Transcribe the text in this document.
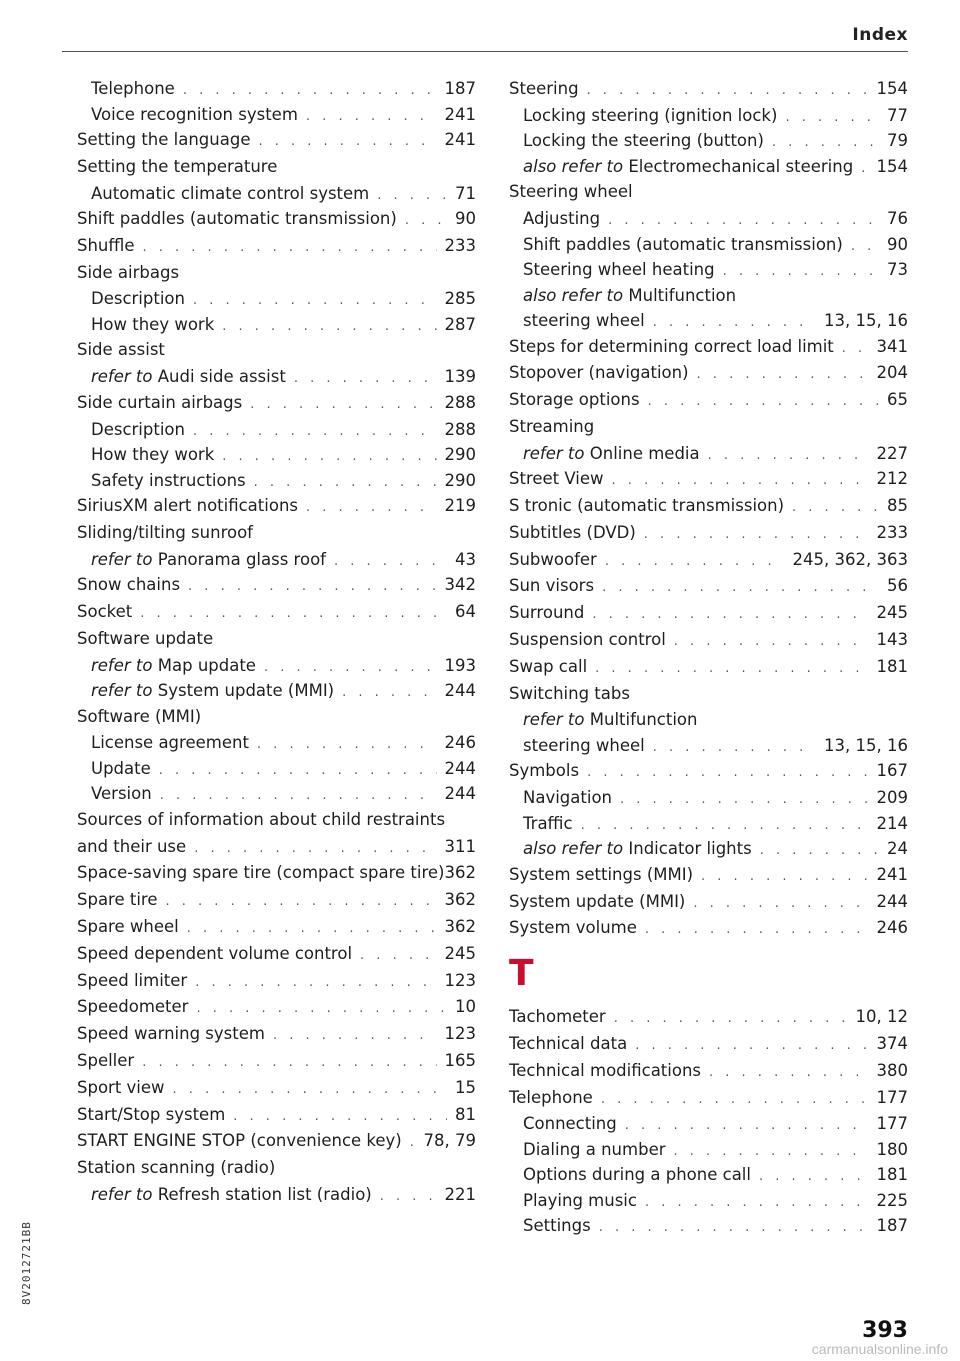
Index
Telephone . . .	187
Voice recognition system . . .	241
Setting the language . . .	241
Setting the temperature
Automatic climate control system . . .	71
Shift paddles (automatic transmission) . . .	90
Shuffle . . .	233
Side airbags
Description . . .	285
How they work . . .	287
Side assist
refer to Audi side assist . . .	139
Side curtain airbags . . .	288
Description . . .	288
How they work . . .	290
Safety instructions . . .	290
SiriusXM alert notifications . . .	219
Sliding/tilting sunroof
refer to Panorama glass roof . . .	43
Snow chains . . .	342
Socket . . .	64
Software update
refer to Map update . . .	193
refer to System update (MMI) . . .	244
Software (MMI)
License agreement . . .	246
Update . . .	244
Version . . .	244
Sources of information about child restraints
and their use . . .	311
Space-saving spare tire (compact spare tire) 362
Spare tire . . .	362
Spare wheel . . .	362
Speed dependent volume control . . .	245
Speed limiter . . .	123
Speedometer . . .	10
Speed warning system . . .	123
Speller . . .	165
Sport view . . .	15
Start/Stop system . . .	81
START ENGINE STOP (convenience key) . . . 78, 79
Station scanning (radio)
refer to Refresh station list (radio) . . .	221
Steering . . .	154
Locking steering (ignition lock) . . .	77
Locking the steering (button) . . .	79
also refer to Electromechanical steering . . . 154
Steering wheel
Adjusting . . .	76
Shift paddles (automatic transmission) . . .	90
Steering wheel heating . . .	73
also refer to Multifunction
steering wheel . . .	13, 15, 16
Steps for determining correct load limit . . .	341
Stopover (navigation) . . .	204
Storage options . . .	65
Streaming
refer to Online media . . .	227
Street View . . .	212
S tronic (automatic transmission) . . .	85
Subtitles (DVD) . . .	233
Subwoofer . . .	245, 362, 363
Sun visors . . .	56
Surround . . .	245
Suspension control . . .	143
Swap call . . .	181
Switching tabs
refer to Multifunction
steering wheel . . .	13, 15, 16
Symbols . . .	167
Navigation . . .	209
Traffic . . .	214
also refer to Indicator lights . . .	24
System settings (MMI) . . .	241
System update (MMI) . . .	244
System volume . . .	246
T
Tachometer . . .	10, 12
Technical data . . .	374
Technical modifications . . .	380
Telephone . . .	177
Connecting . . .	177
Dialing a number . . .	180
Options during a phone call . . .	181
Playing music . . .	225
Settings . . .	187
8V2012721BB
393
carmanualsonline.info
